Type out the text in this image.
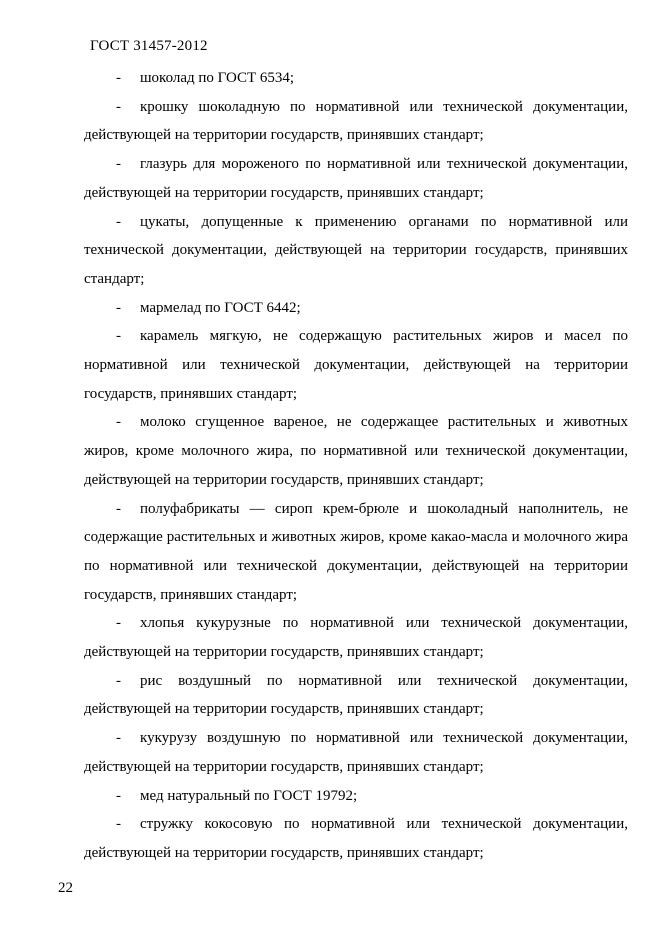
ГОСТ 31457-2012

- шоколад по ГОСТ 6534;

- крошку шоколадную по нормативной или технической документации, действующей на территории государств, принявших стандарт;

- глазурь для мороженого по нормативной или технической документации, действующей на территории государств, принявших стандарт;

- цукаты, допущенные к применению органами по нормативной или технической документации, действующей на территории государств, принявших стандарт;

- мармелад по ГОСТ 6442;

- карамель мягкую, не содержащую растительных жиров и масел по нормативной или технической документации, действующей на территории государств, принявших стандарт;

- молоко сгущенное вареное, не содержащее растительных и животных жиров, кроме молочного жира, по нормативной или технической документации, действующей на территории государств, принявших стандарт;

- полуфабрикаты — сироп крем-брюле и шоколадный наполнитель, не содержащие растительных и животных жиров, кроме какао-масла и молочного жира по нормативной или технической документации, действующей на территории государств, принявших стандарт;

- хлопья кукурузные по нормативной или технической документации, действующей на территории государств, принявших стандарт;

- рис воздушный по нормативной или технической документации, действующей на территории государств, принявших стандарт;

- кукурузу воздушную по нормативной или технической документации, действующей на территории государств, принявших стандарт;

- мед натуральный по ГОСТ 19792;

- стружку кокосовую по нормативной или технической документации, действующей на территории государств, принявших стандарт;

22
